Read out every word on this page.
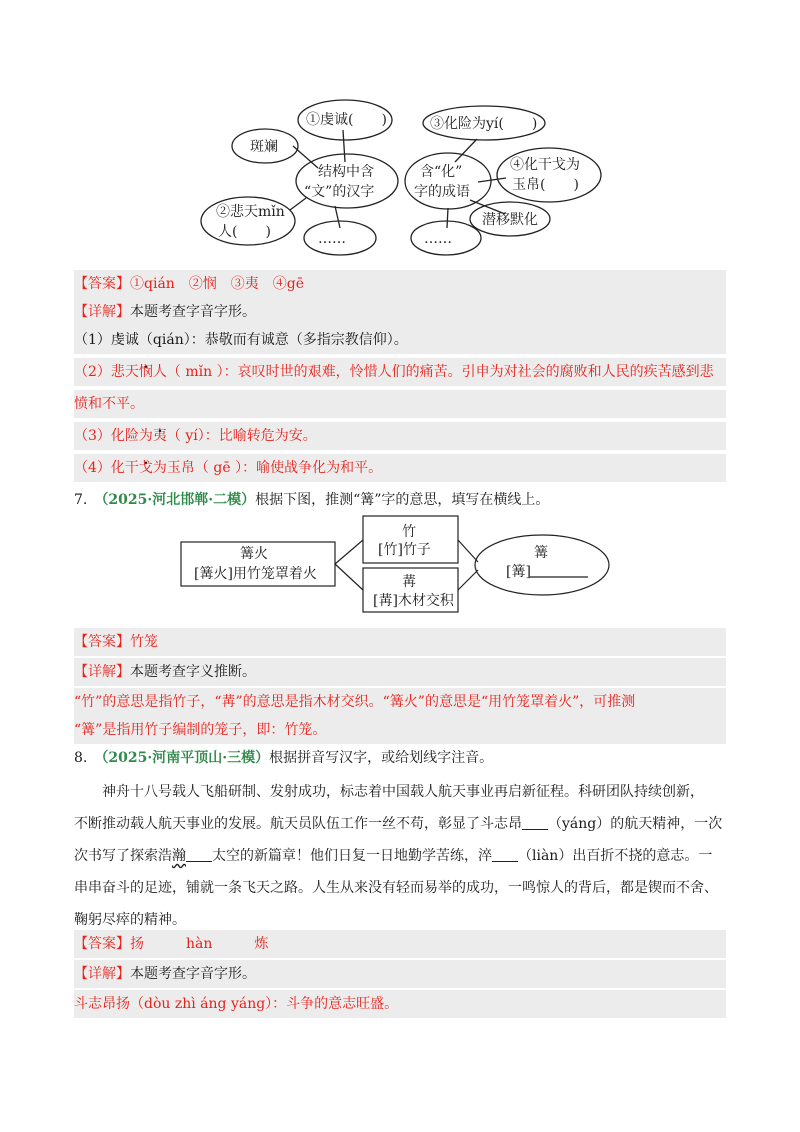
①虔诚(　　)
斑斓
结构中含
“文”的汉字
②悲天mǐn
人(　　)	……
③化险为yí(　　)
含“化”
字的成语
④化干戈为
玉帛(　　)
潜移默化
……
【答案】①qián　②悯　③夷　④gē
【详解】本题考查字音字形。
（1）虔诚（qián）：恭敬而有诚意（多指宗教信仰）。
（2）悲天悯人（ mǐn ）：哀叹时世的艰难，怜惜人们的痛苦。引申为对社会的腐败和人民的疾苦感到悲
愤和不平。
（3）化险为夷（ yí）：比喻转危为安。
（4）化干戈为玉帛（ gē ）：喻使战争化为和平。
7.　 （2025·河北邯郸·二模）根据下图，推测“篝”字的意思，填写在横线上。
篝火
[篝火]用竹笼罩着火
竹
[竹]竹子
冓
[冓]木材交积
篝
[篝]
【答案】竹笼
【详解】本题考查字义推断。
“竹”的意思是指竹子，“冓”的意思是指木材交织。“篝火”的意思是“用竹笼罩着火”，可推测
“篝”是指用竹子编制的笼子，即：竹笼。
8.　 （2025·河南平顶山·三模）根据拼音写汉字，或给划线字注音。
　　神舟十八号载人飞船研制、发射成功，标志着中国载人航天事业再启新征程。科研团队持续创新，
不断推动载人航天事业的发展。航天员队伍工作一丝不苟，彰显了斗志昂 （yáng）的航天精神，一次
次书写了探索浩瀚 太空的新篇章！他们日复一日地勤学苦练，淬 （liàn）出百折不挠的意志。一
串串奋斗的足迹，铺就一条飞天之路。人生从来没有轻而易举的成功，一鸣惊人的背后，都是锲而不舍、
鞠躬尽瘁的精神。
【答案】扬　　　hàn　　　炼
【详解】本题考查字音字形。
斗志昂扬（dòu zhì áng yáng）：斗争的意志旺盛。
